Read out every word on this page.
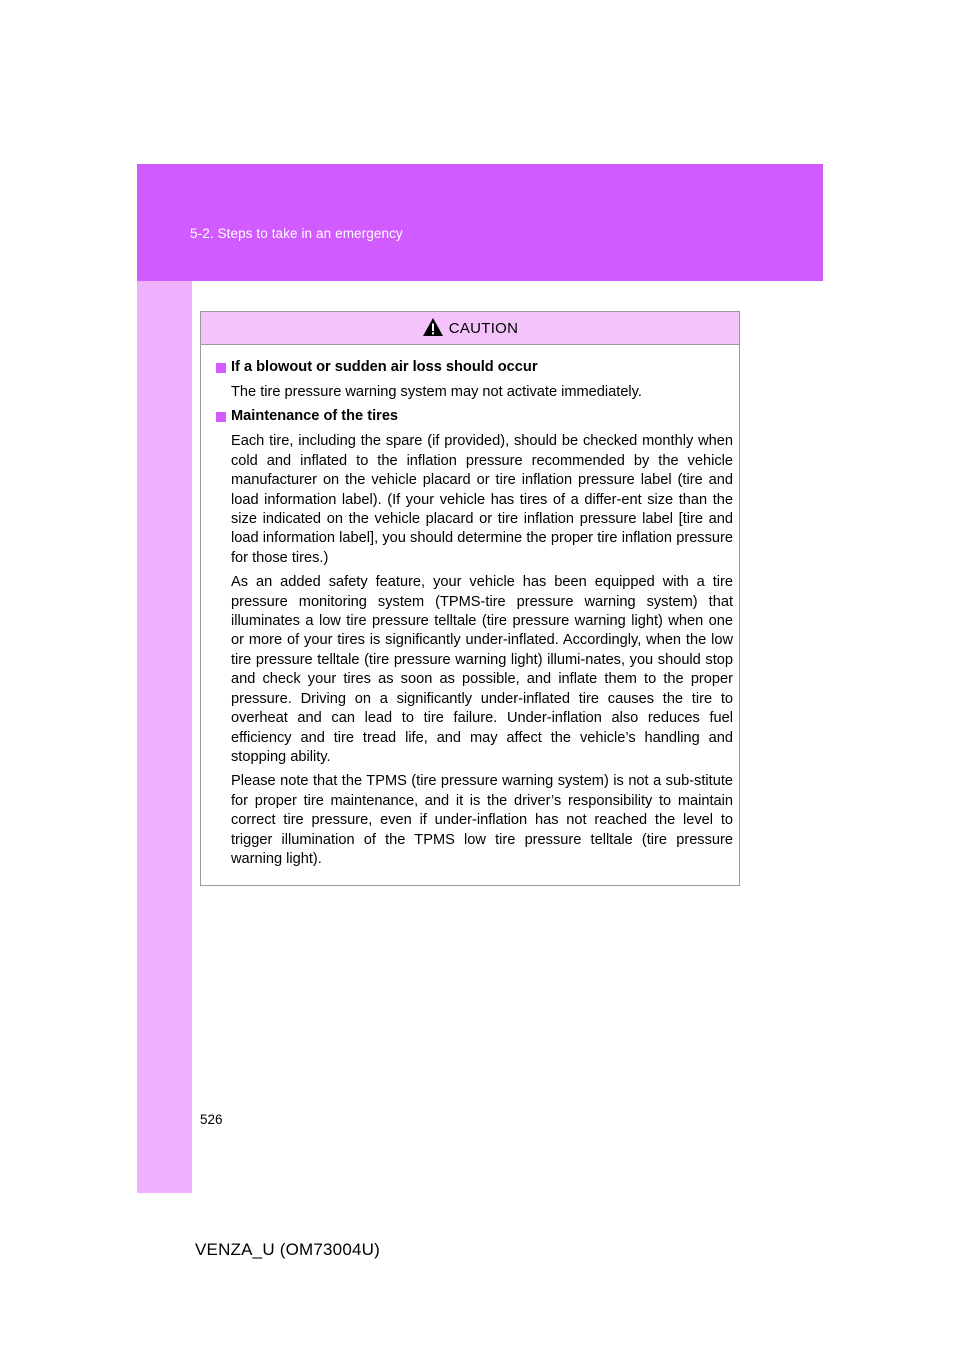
5-2. Steps to take in an emergency
CAUTION
If a blowout or sudden air loss should occur

The tire pressure warning system may not activate immediately.

Maintenance of the tires

Each tire, including the spare (if provided), should be checked monthly when cold and inflated to the inflation pressure recommended by the vehicle manufacturer on the vehicle placard or tire inflation pressure label (tire and load information label). (If your vehicle has tires of a differ-ent size than the size indicated on the vehicle placard or tire inflation pressure label [tire and load information label], you should determine the proper tire inflation pressure for those tires.)

As an added safety feature, your vehicle has been equipped with a tire pressure monitoring system (TPMS-tire pressure warning system) that illuminates a low tire pressure telltale (tire pressure warning light) when one or more of your tires is significantly under-inflated. Accordingly, when the low tire pressure telltale (tire pressure warning light) illumi-nates, you should stop and check your tires as soon as possible, and inflate them to the proper pressure. Driving on a significantly under-inflated tire causes the tire to overheat and can lead to tire failure. Under-inflation also reduces fuel efficiency and tire tread life, and may affect the vehicle’s handling and stopping ability.

Please note that the TPMS (tire pressure warning system) is not a sub-stitute for proper tire maintenance, and it is the driver’s responsibility to maintain correct tire pressure, even if under-inflation has not reached the level to trigger illumination of the TPMS low tire pressure telltale (tire pressure warning light).

526
VENZA_U (OM73004U)
